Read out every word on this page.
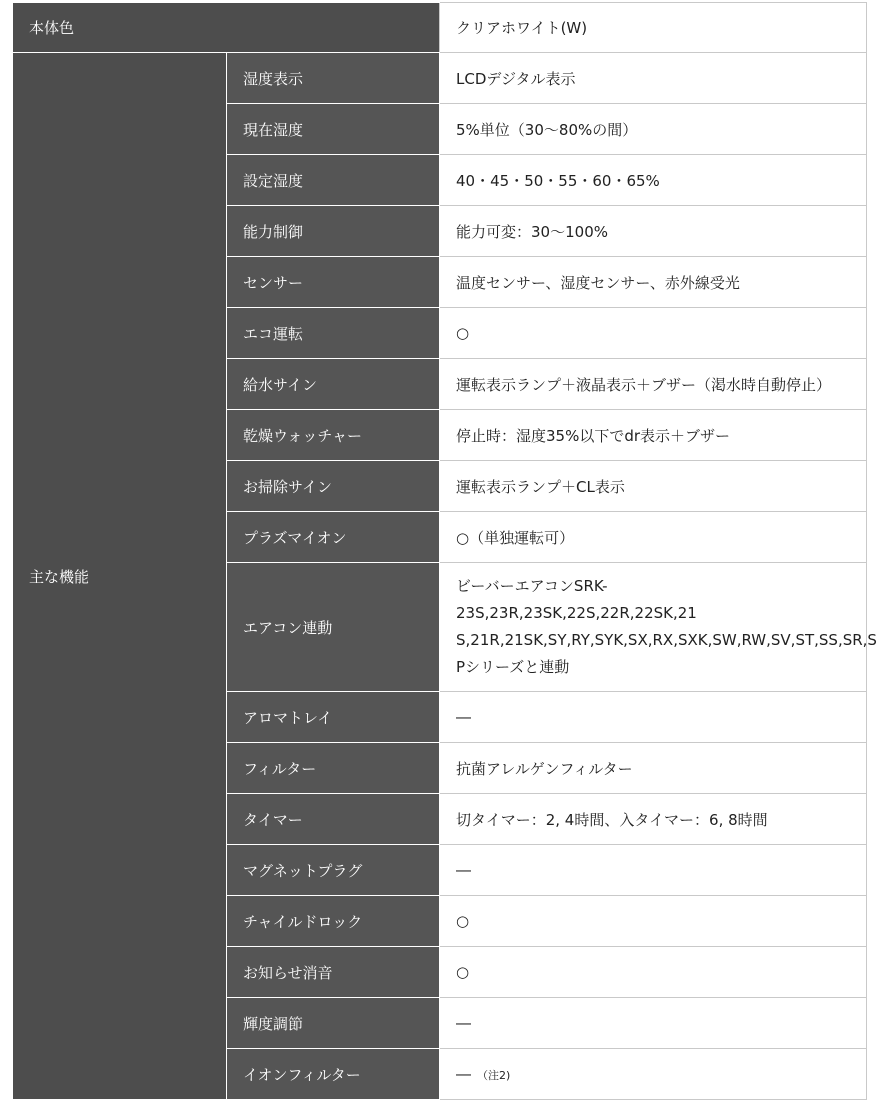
本体色		クリアホワイト(W)
主な機能	湿度表示	LCDデジタル表示
	現在湿度	5%単位（30〜80%の間）
	設定湿度	40・45・50・55・60・65%
	能力制御	能力可変：30〜100%
	センサー	温度センサー、湿度センサー、赤外線受光
	エコ運転	○
	給水サイン	運転表示ランプ＋液晶表示＋ブザー（渇水時自動停止）
	乾燥ウォッチャー	停止時：湿度35%以下でdr表示＋ブザー
	お掃除サイン	運転表示ランプ＋CL表示
	プラズマイオン	○（単独運転可）
	エアコン連動	ビーバーエアコンSRK- 23S,23R,23SK,22S,22R,22SK,21
S,21R,21SK,SY,RY,SYK,SX,RX,SXK,SW,RW,SV,ST,SS,SR,S
Pシリーズと連動

	アロマトレイ	―
	フィルター	抗菌アレルゲンフィルター
	タイマー	切タイマー：2, 4時間、入タイマー：6, 8時間
	マグネットプラグ	―
	チャイルドロック	○
	お知らせ消音	○
	輝度調節	―
	イオンフィルター	― （注2)
